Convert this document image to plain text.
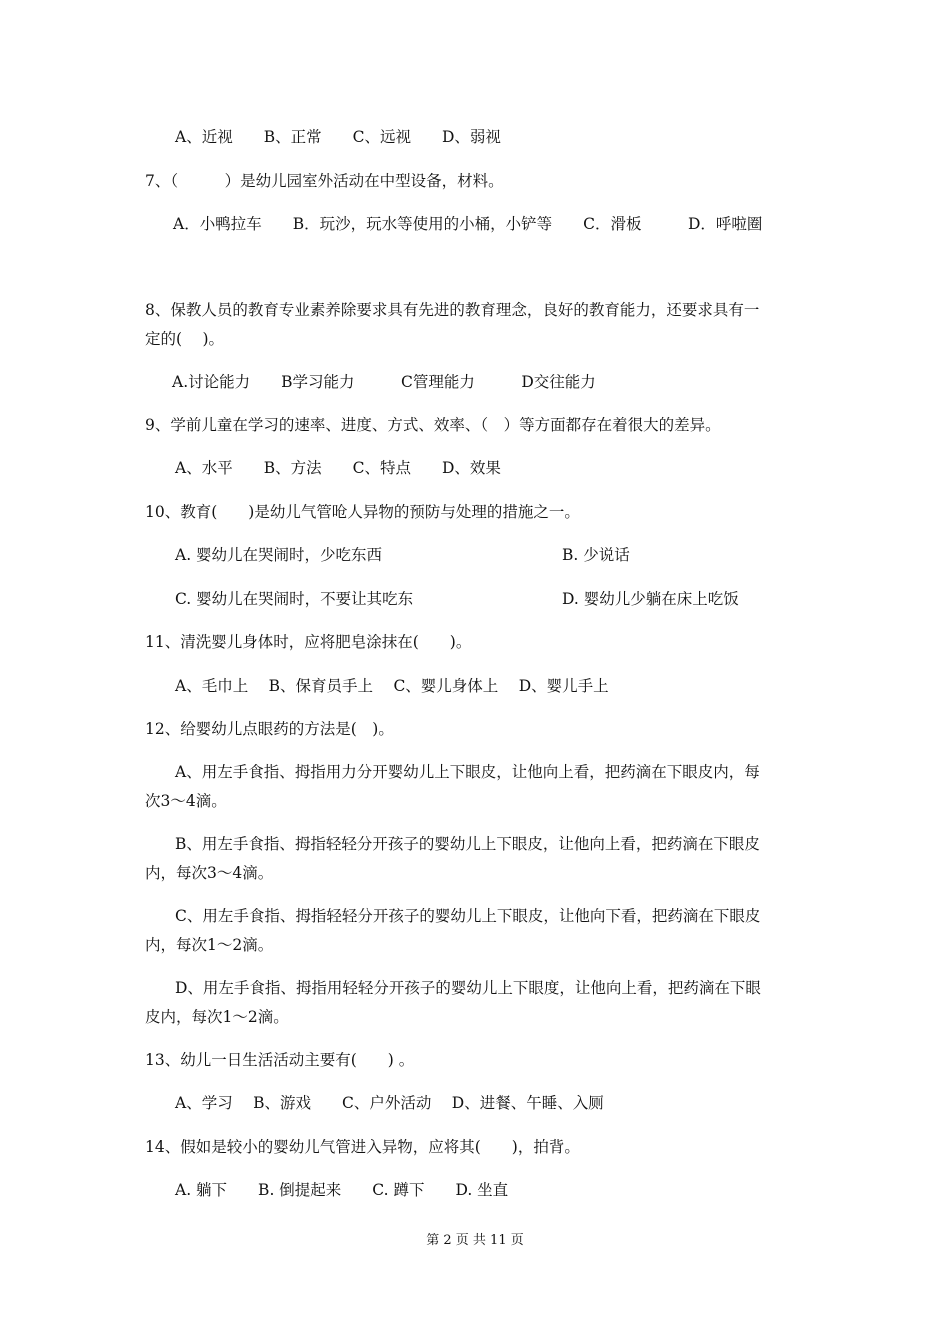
A、近视　　B、正常　　C、远视　　D、弱视

7、（　　　）是幼儿园室外活动在中型设备，材料。

A．小鸭拉车　　B．玩沙，玩水等使用的小桶，小铲等　　C．滑板　　　D．呼啦圈

8、保教人员的教育专业素养除要求具有先进的教育理念，良好的教育能力，还要求具有一

定的(　 )。

A.讨论能力　　B学习能力　　　C管理能力　　　D交往能力

9、学前儿童在学习的速率、进度、方式、效率、（　）等方面都存在着很大的差异。

A、水平　　B、方法　　C、特点　　D、效果

10、教育(　　)是幼儿气管呛人异物的预防与处理的措施之一。

A. 婴幼儿在哭闹时，少吃东西	B. 少说话

C. 婴幼儿在哭闹时，不要让其吃东	D. 婴幼儿少躺在床上吃饭

11、清洗婴儿身体时，应将肥皂涂抹在(　　)。

A、毛巾上　 B、保育员手上　 C、婴儿身体上　 D、婴儿手上

12、给婴幼儿点眼药的方法是(　)。

A、用左手食指、拇指用力分开婴幼儿上下眼皮，让他向上看，把药滴在下眼皮内，每

次3～4滴。

B、用左手食指、拇指轻轻分开孩子的婴幼儿上下眼皮，让他向上看，把药滴在下眼皮

内，每次3～4滴。

C、用左手食指、拇指轻轻分开孩子的婴幼儿上下眼皮，让他向下看，把药滴在下眼皮

内，每次1～2滴。

D、用左手食指、拇指用轻轻分开孩子的婴幼儿上下眼度，让他向上看，把药滴在下眼

皮内，每次1～2滴。

13、幼儿一日生活活动主要有(　　) 。

A、学习　 B、游戏　　C、户外活动　 D、进餐、午睡、入厕

14、假如是较小的婴幼儿气管进入异物，应将其(　　)，拍背。

A. 躺下　　B. 倒提起来　　C. 蹲下　　D. 坐直

第 2 页 共 11 页
